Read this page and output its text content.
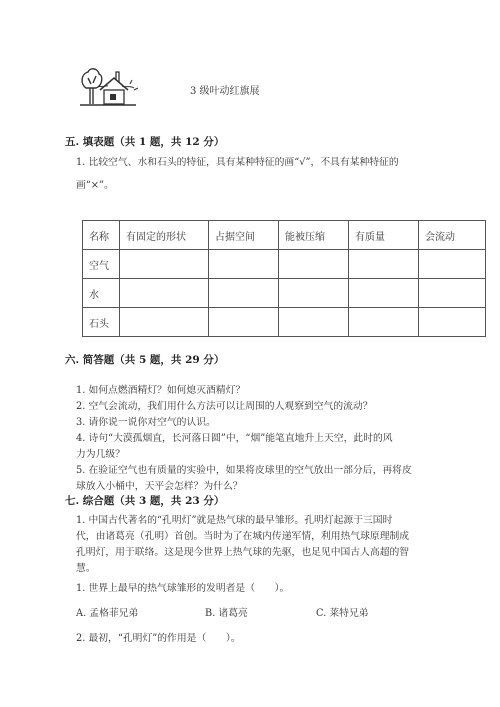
3 级叶动红旗展
五. 填表题（共 1 题，共 12 分）
1. 比较空气、水和石头的特征，具有某种特征的画“√”，不具有某种特征的
画“×”。
名称	有固定的形状	占据空间	能被压缩	有质量	会流动
空气					
水					
石头					
六. 简答题（共 5 题，共 29 分）
1. 如何点燃酒精灯？如何熄灭酒精灯？
2. 空气会流动，我们用什么方法可以让周围的人观察到空气的流动？
3. 请你说一说你对空气的认识。
4. 诗句“大漠孤烟直，长河落日圆”中，“烟”能笔直地升上天空，此时的风
力为几级？
5. 在验证空气也有质量的实验中，如果将皮球里的空气放出一部分后，再将皮
球放入小桶中，天平会怎样？为什么？
七. 综合题（共 3 题，共 23 分）
1. 中国古代著名的“孔明灯”就是热气球的最早雏形。孔明灯起源于三国时
代，由诸葛亮（孔明）首创。当时为了在城内传递军情，利用热气球原理制成
孔明灯，用于联络。这是现今世界上热气球的先驱，也足见中国古人高超的智
慧。
1. 世界上最早的热气球雏形的发明者是（　　）。
A. 孟格菲兄弟	B. 诸葛亮	C. 莱特兄弟
2. 最初，“孔明灯”的作用是（　　）。
